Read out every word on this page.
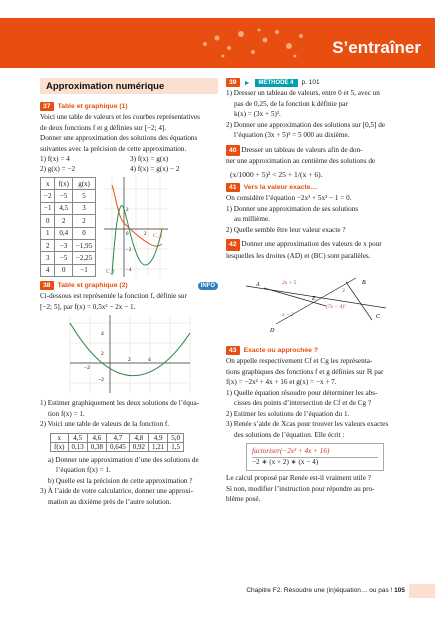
S’entraîner
Approximation numérique
37	Table et graphique (1)
Voici une table de valeurs et les courbes représentatives
de deux fonctions f et g définies sur [−2; 4].
Donner une approximation des solutions des équations
suivantes avec la précision de cette approximation.
1) f(x) = 4	3) f(x) = g(x)
2) g(x) = −2	4) f(x) = g(x) − 2
x	f(x)	g(x)
−2	−5	5
−1	4,5	3
0	2	2
1	0,4	0
2	−3	−1,95
3	−5	−2,25
4	0	−1
C_g
C_f
0	2
2
−2
−4
38	Table et graphique (2)	INFO
Ci-dessous est représentée la fonction f, définie sur
[−2; 5], par f(x) = 0,5x² − 2x − 1.
4
2
2	4
−2
−2
1) Estimer graphiquement les deux solutions de l’équa-
tion f(x) = 1.
2) Voici une table de valeurs de la fonction f.
x	4,5	4,6	4,7	4,8	4,9	5,0
f(x)	0,13	0,38	0,645	0,92	1,21	1,5
a) Donner une approximation d’une des solutions de
l’équation f(x) = 1.
b) Quelle est la précision de cette approximation ?
3) À l’aide de votre calculatrice, donner une approxi-
mation au dixième près de l’autre solution.
39	►	MÉTHODE 4	p. 101
1) Dresser un tableau de valeurs, entre 0 et 5, avec un
pas de 0,25, de la fonction k définie par
k(x) = (3x + 5)³.
2) Donner une approximation des solutions sur [0,5] de
l’équation (3x + 5)³ = 5 000 au dixième.
40 Dresser un tableau de valeurs afin de don-
ner une approximation au centième des solutions de
(x/1000 + 5)² < 25 + 1/(x + 6).
41	Vers la valeur exacte…
On considère l’équation −2x³ + 5x² − 1 = 0.
1) Donner une approximation de ses solutions
au millième.
2) Quelle semble être leur valeur exacte ?
42 Donner une approximation des valeurs de x pour
lesquelles les droites (AD) et (BC) sont parallèles.
A	B
C
D
E
2x + 5
x − 2
(7x − 4)²
3
43	Exacte ou approchée ?
On appelle respectivement Cf et Cg les représenta-
tions graphiques des fonctions f et g définies sur ℝ par
f(x) = −2x² + 4x + 16 et g(x) = −x + 7.
1) Quelle équation résoudre pour déterminer les abs-
cisses des points d’intersection de Cf et de Cg ?
2) Estimer les solutions de l’équation du 1.
3) Renée s’aide de Xcas pour trouver les valeurs exactes
des solutions de l’équation. Elle écrit :
factoriser(−2x² + 4x + 16)
−2 ∗ (x + 2) ∗ (x − 4)
Le calcul proposé par Renée est-il vraiment utile ?
Si non, modifier l’instruction pour répondre au pro-
blème posé.
Chapitre F2. Résoudre une (in)équation… ou pas ! 105
